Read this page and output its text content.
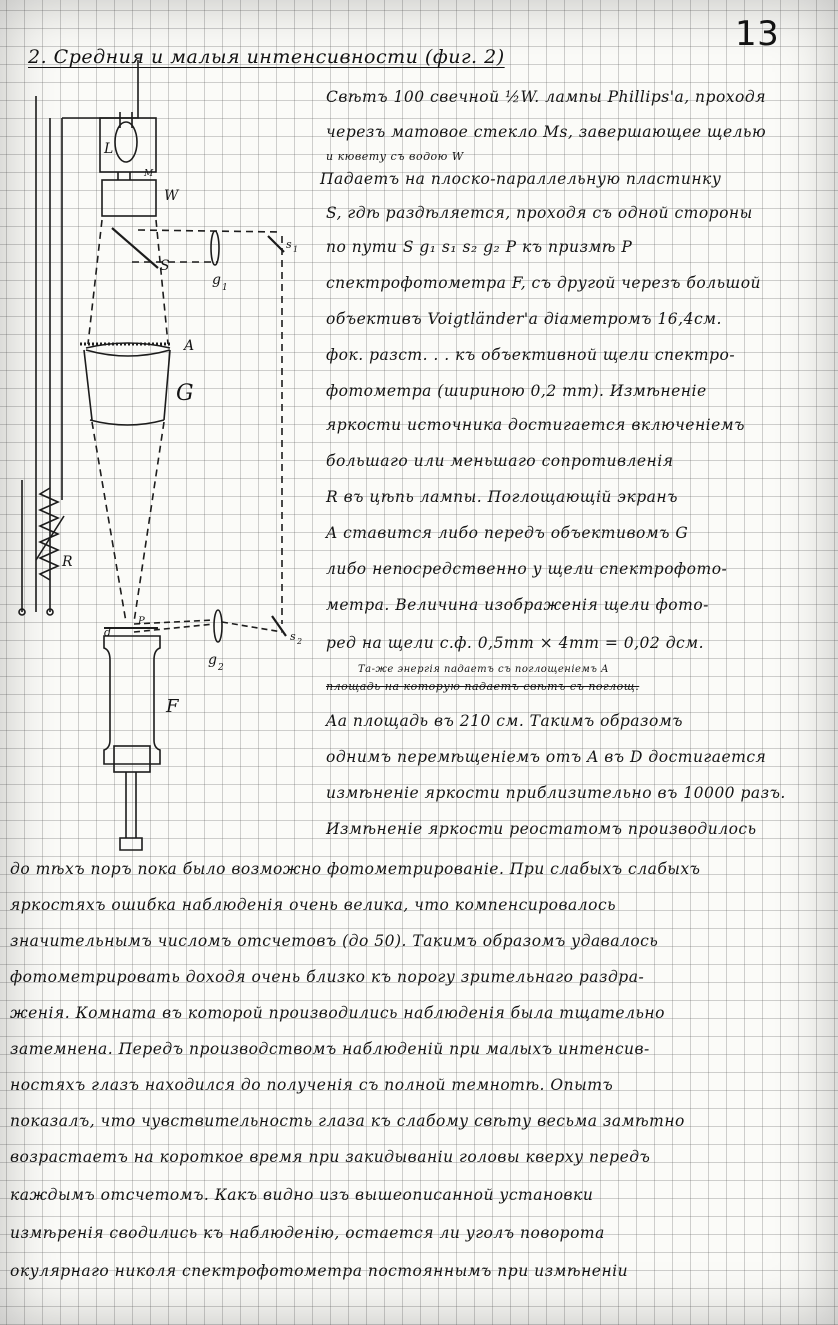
13
2. Средния и малыя интенсивности (фиг. 2)
L
M
W
S
g 1
s 1
A
G
R
d
P
s 2
g 2
F
Свѣтъ 100 свечной ½W. лампы Phillips'а, проходя
черезъ матовое стекло Мs, завершающее щелью
и кювету съ водою W
Падаетъ на плоско-параллельную пластинку
S, гдѣ раздѣляется, проходя съ одной стороны
по пути S g₁ s₁ s₂ g₂ P къ призмѣ P
спектрофотометра F, съ другой черезъ большой
объективъ Voigtländer'а діаметромъ 16,4см.
фок. разст. . . къ объективной щели спектро-
фотометра (шириною 0,2 mm). Измѣненіе
яркости источника достигается включеніемъ
большаго или меньшаго сопротивленія
R въ цѣпь лампы. Поглощающій экранъ
A ставится либо передъ объективомъ G
либо непосредственно у щели спектрофото-
метра. Величина изображенія щели фото-
ред на щели с.ф. 0,5mm × 4mm = 0,02 дсм.
Та-же энергія падаетъ съ поглощеніемъ A
площадь на которую падаетъ свѣтъ съ поглощ.
Aa площадь въ 210 см. Такимъ образомъ
однимъ перемѣщеніемъ отъ A въ D достигается
измѣненіе яркости приблизительно въ 10000 разъ.
Измѣненіе яркости реостатомъ производилось
до тѣхъ поръ пока было возможно фотометрированіе. При слабыхъ слабыхъ
яркостяхъ ошибка наблюденія очень велика, что компенсировалось
значительнымъ числомъ отсчетовъ (до 50). Такимъ образомъ удавалось
фотометрировать доходя очень близко къ порогу зрительнаго раздра-
женія. Комната въ которой производились наблюденія была тщательно
затемнена. Передъ производствомъ наблюденій при малыхъ интенсив-
ностяхъ глазъ находился до полученія съ полной темнотѣ. Опытъ
показалъ, что чувствительность глаза къ слабому свѣту весьма замѣтно
возрастаетъ на короткое время при закидываніи головы кверху передъ
каждымъ отсчетомъ. Какъ видно изъ вышеописанной установки
измѣренія сводились къ наблюденію, остается ли уголъ поворота
окулярнаго николя спектрофотометра постояннымъ при измѣненіи
